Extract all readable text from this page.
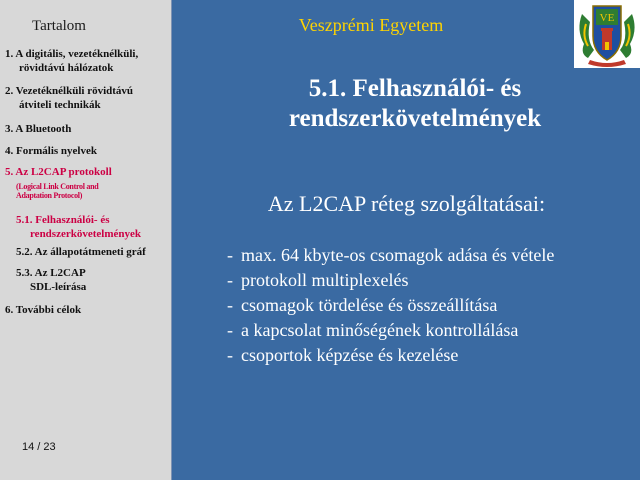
Tartalom
1. A digitális, vezetéknélküli,
rövidtávú hálózatok
2. Vezetéknélküli rövidtávú
átviteli technikák
3. A Bluetooth
4. Formális nyelvek
5. Az L2CAP protokoll
(Logical Link Control and
Adaptation Protocol)
5.1. Felhasználói- és
rendszerkövetelmények
5.2. Az állapotátmeneti gráf
5.3. Az L2CAP
SDL-leírása
6. További célok
14 / 23
Veszprémi Egyetem	VE
5.1. Felhasználói- és
rendszerkövetelmények
Az L2CAP réteg szolgáltatásai:
- max. 64 kbyte-os csomagok adása és vétele
- protokoll multiplexelés
- csomagok tördelése és összeállítása
- a kapcsolat minőségének kontrollálása
- csoportok képzése és kezelése
